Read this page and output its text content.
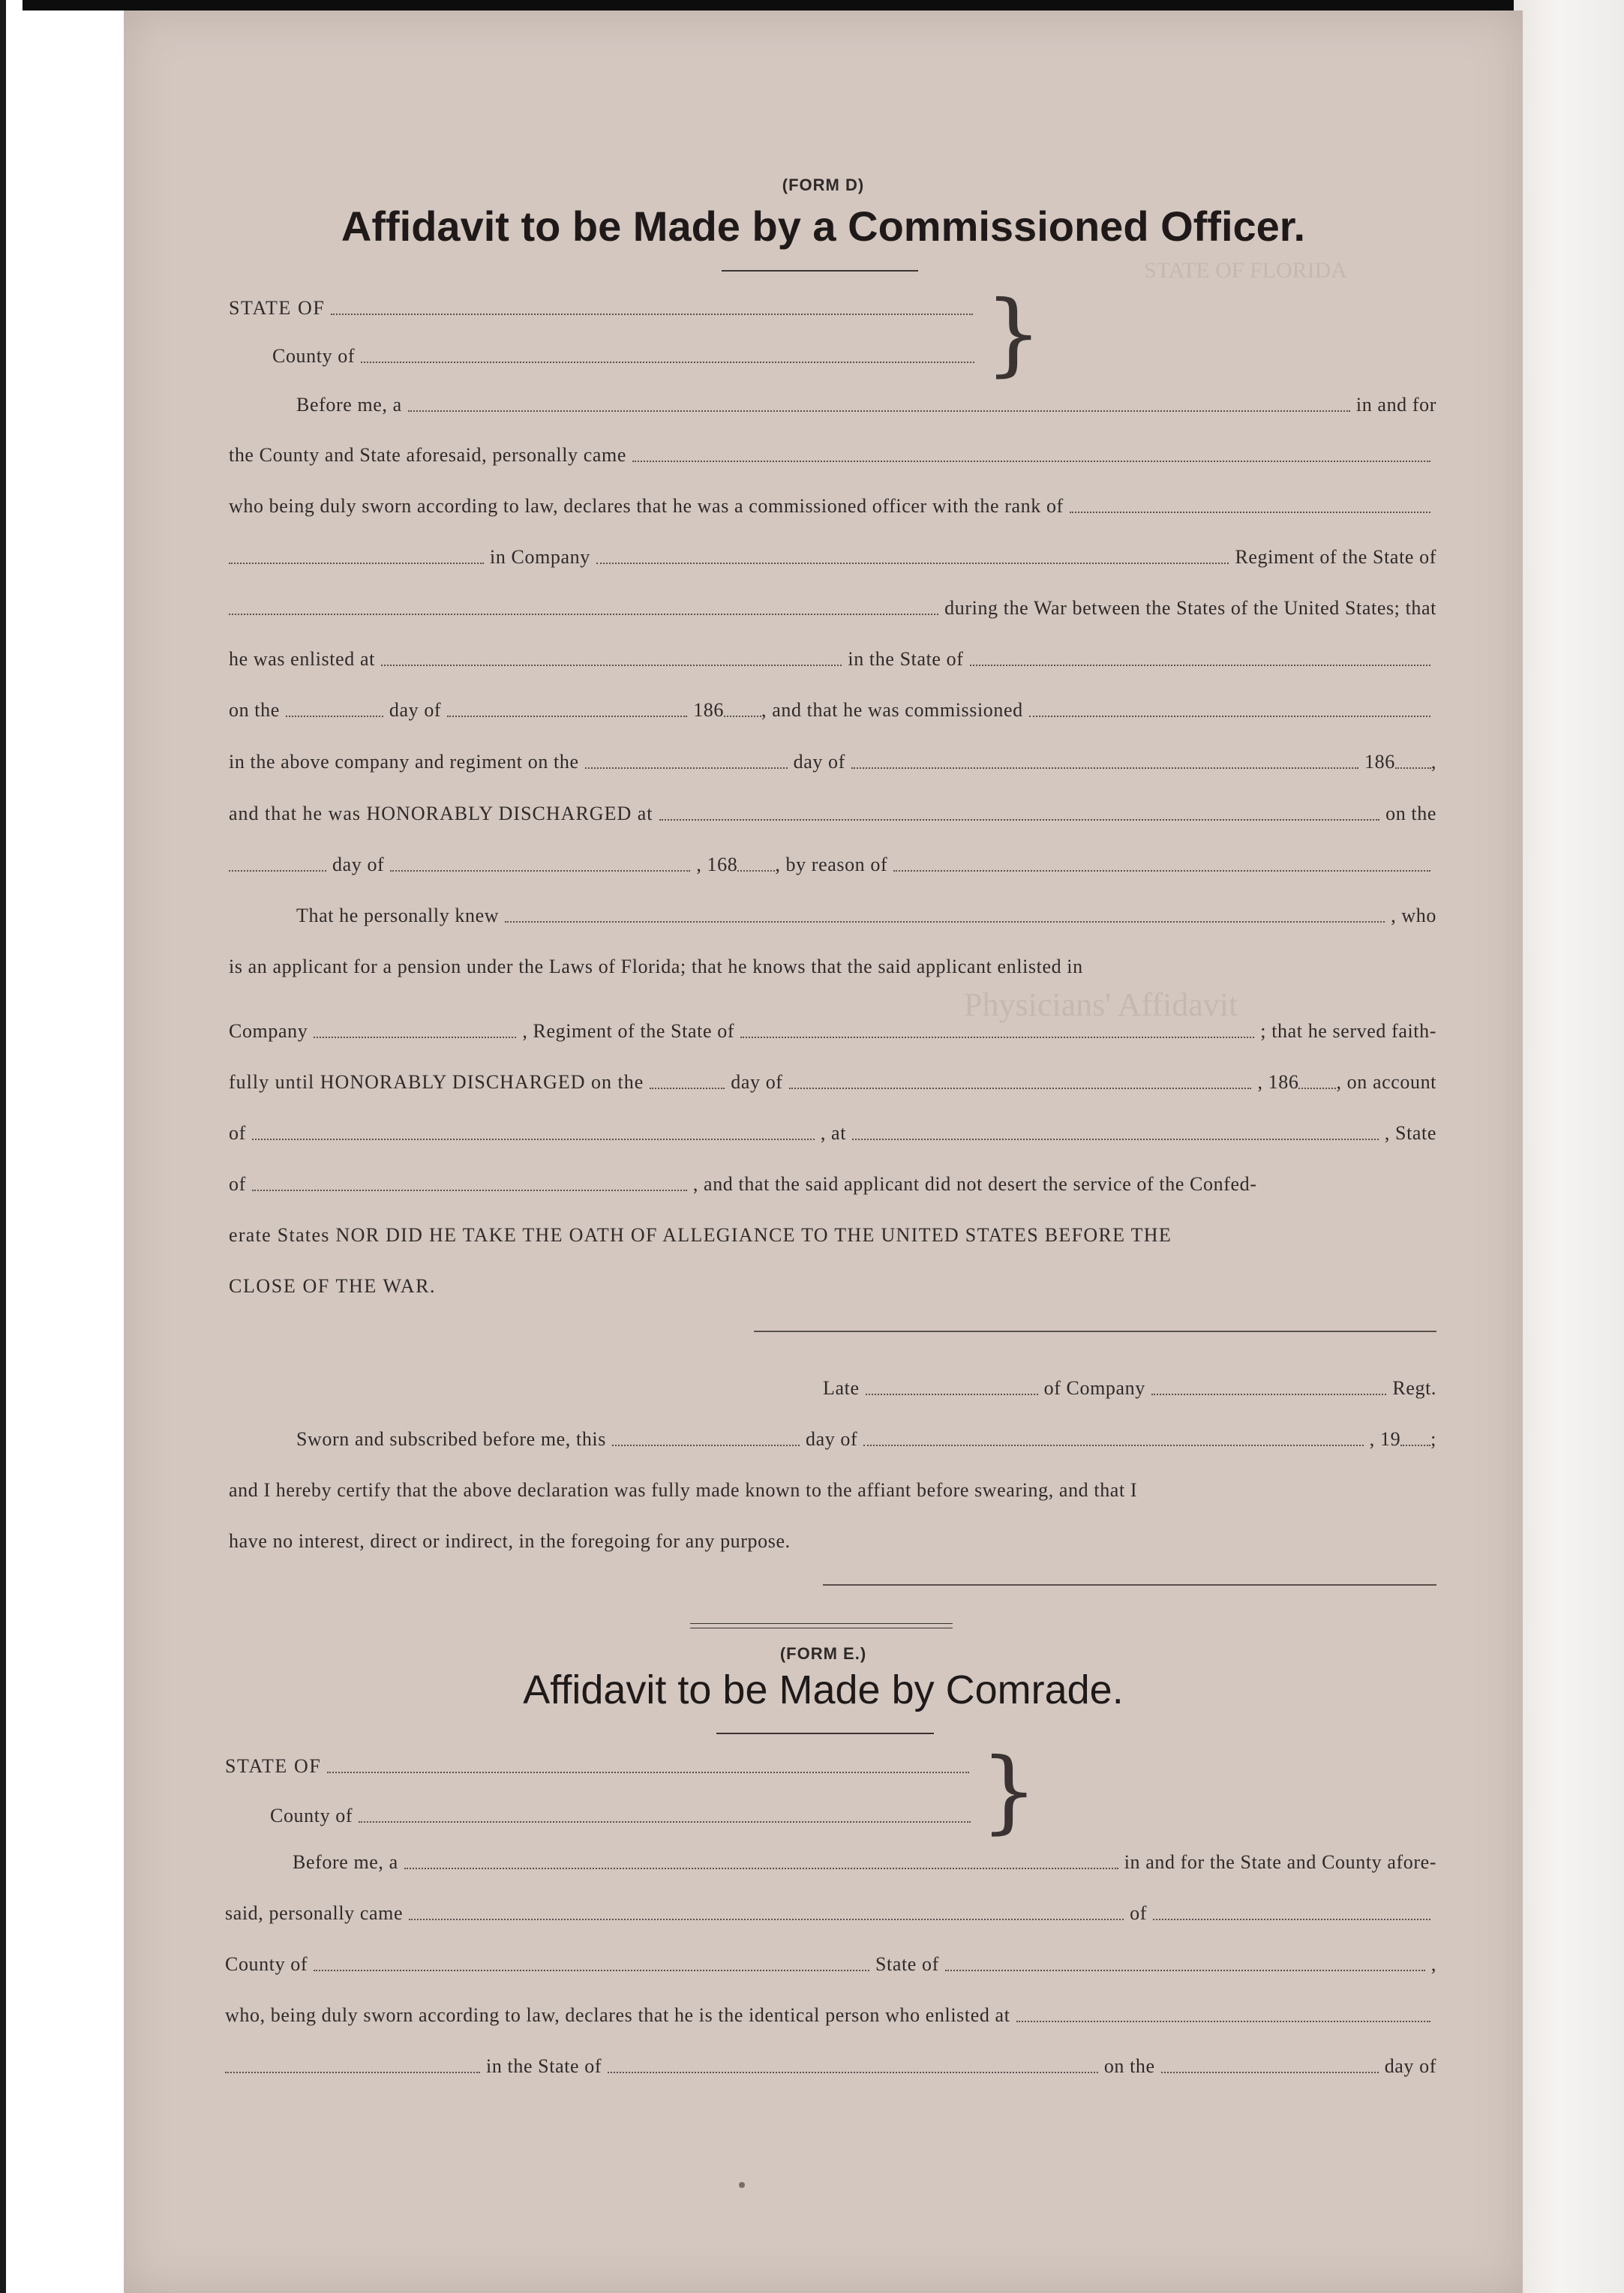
STATE OF FLORIDA
Physicians' Affidavit
(FORM D)
Affidavit to be Made by a Commissioned Officer.
STATE OF
County of	}
Before me, a	in and for
the County and State aforesaid, personally came
who being duly sworn according to law, declares that he was a commissioned officer with the rank of
in Company	Regiment of the State of
during the War between the States of the United States; that
he was enlisted at	in the State of
on the	day of	186 , and that he was commissioned
in the above company and regiment on the	day of	186 ,
and that he was HONORABLY DISCHARGED at	on the
day of	, 168 , by reason of
That he personally knew	, who
is an applicant for a pension under the Laws of Florida; that he knows that the said applicant enlisted in
Company	, Regiment of the State of	; that he served faith-
fully until HONORABLY DISCHARGED on the	day of	, 186 , on account
of	, at	, State
of	, and that the said applicant did not desert the service of the Confed-
erate States NOR DID HE TAKE THE OATH OF ALLEGIANCE TO THE UNITED STATES BEFORE THE
CLOSE OF THE WAR.
Late	of Company	Regt.
Sworn and subscribed before me, this	day of	, 19 ;
and I hereby certify that the above declaration was fully made known to the affiant before swearing, and that I
have no interest, direct or indirect, in the foregoing for any purpose.
(FORM E.)
Affidavit to be Made by Comrade.
STATE OF
County of	}
Before me, a	in and for the State and County afore-
said, personally came	of
County of	State of	,
who, being duly sworn according to law, declares that he is the identical person who enlisted at
in the State of	on the	day of
